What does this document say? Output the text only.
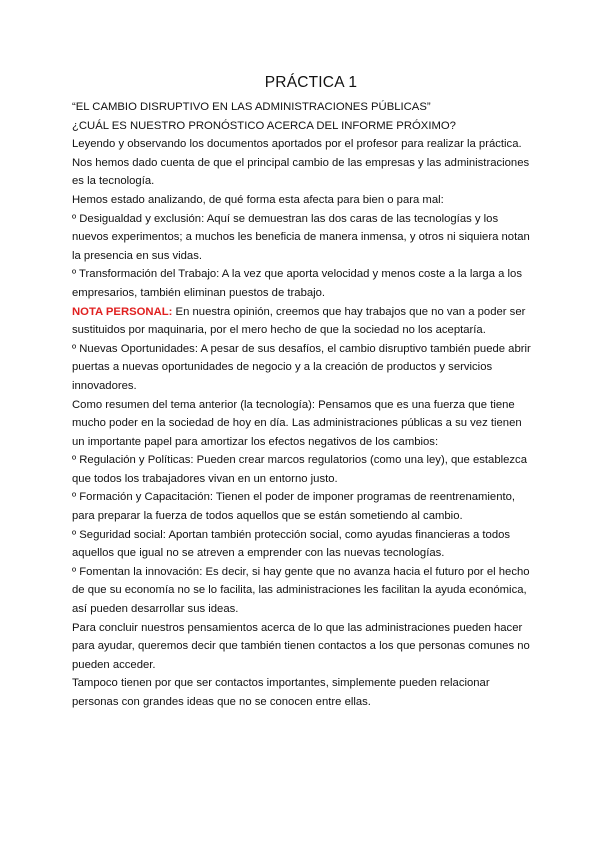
PRÁCTICA 1

“EL CAMBIO DISRUPTIVO EN LAS ADMINISTRACIONES PÚBLICAS”

¿CUÁL ES NUESTRO PRONÓSTICO ACERCA DEL INFORME PRÓXIMO?

Leyendo y observando los documentos aportados por el profesor para realizar la práctica.

Nos hemos dado cuenta de que el principal cambio de las empresas y las administraciones

es la tecnología.

Hemos estado analizando, de qué forma esta afecta para bien o para mal:

º Desigualdad y exclusión: Aquí se demuestran las dos caras de las tecnologías y los

nuevos experimentos; a muchos les beneficia de manera inmensa, y otros ni siquiera notan

la presencia en sus vidas.

º Transformación del Trabajo: A la vez que aporta velocidad y menos coste a la larga a los

empresarios, también eliminan puestos de trabajo.

NOTA PERSONAL: En nuestra opinión, creemos que hay trabajos que no van a poder ser

sustituidos por maquinaria, por el mero hecho de que la sociedad no los aceptaría.

º Nuevas Oportunidades: A pesar de sus desafíos, el cambio disruptivo también puede abrir

puertas a nuevas oportunidades de negocio y a la creación de productos y servicios

innovadores.

Como resumen del tema anterior (la tecnología): Pensamos que es una fuerza que tiene

mucho poder en la sociedad de hoy en día. Las administraciones públicas a su vez tienen

un importante papel para amortizar los efectos negativos de los cambios:

º Regulación y Políticas: Pueden crear marcos regulatorios (como una ley), que establezca

que todos los trabajadores vivan en un entorno justo.

º Formación y Capacitación: Tienen el poder de imponer programas de reentrenamiento,

para preparar la fuerza de todos aquellos que se están sometiendo al cambio.

º Seguridad social: Aportan también protección social, como ayudas financieras a todos

aquellos que igual no se atreven a emprender con las nuevas tecnologías.

º Fomentan la innovación: Es decir, si hay gente que no avanza hacia el futuro por el hecho

de que su economía no se lo facilita, las administraciones les facilitan la ayuda económica,

así pueden desarrollar sus ideas.

Para concluir nuestros pensamientos acerca de lo que las administraciones pueden hacer

para ayudar, queremos decir que también tienen contactos a los que personas comunes no

pueden acceder.

Tampoco tienen por que ser contactos importantes, simplemente pueden relacionar

personas con grandes ideas que no se conocen entre ellas.
